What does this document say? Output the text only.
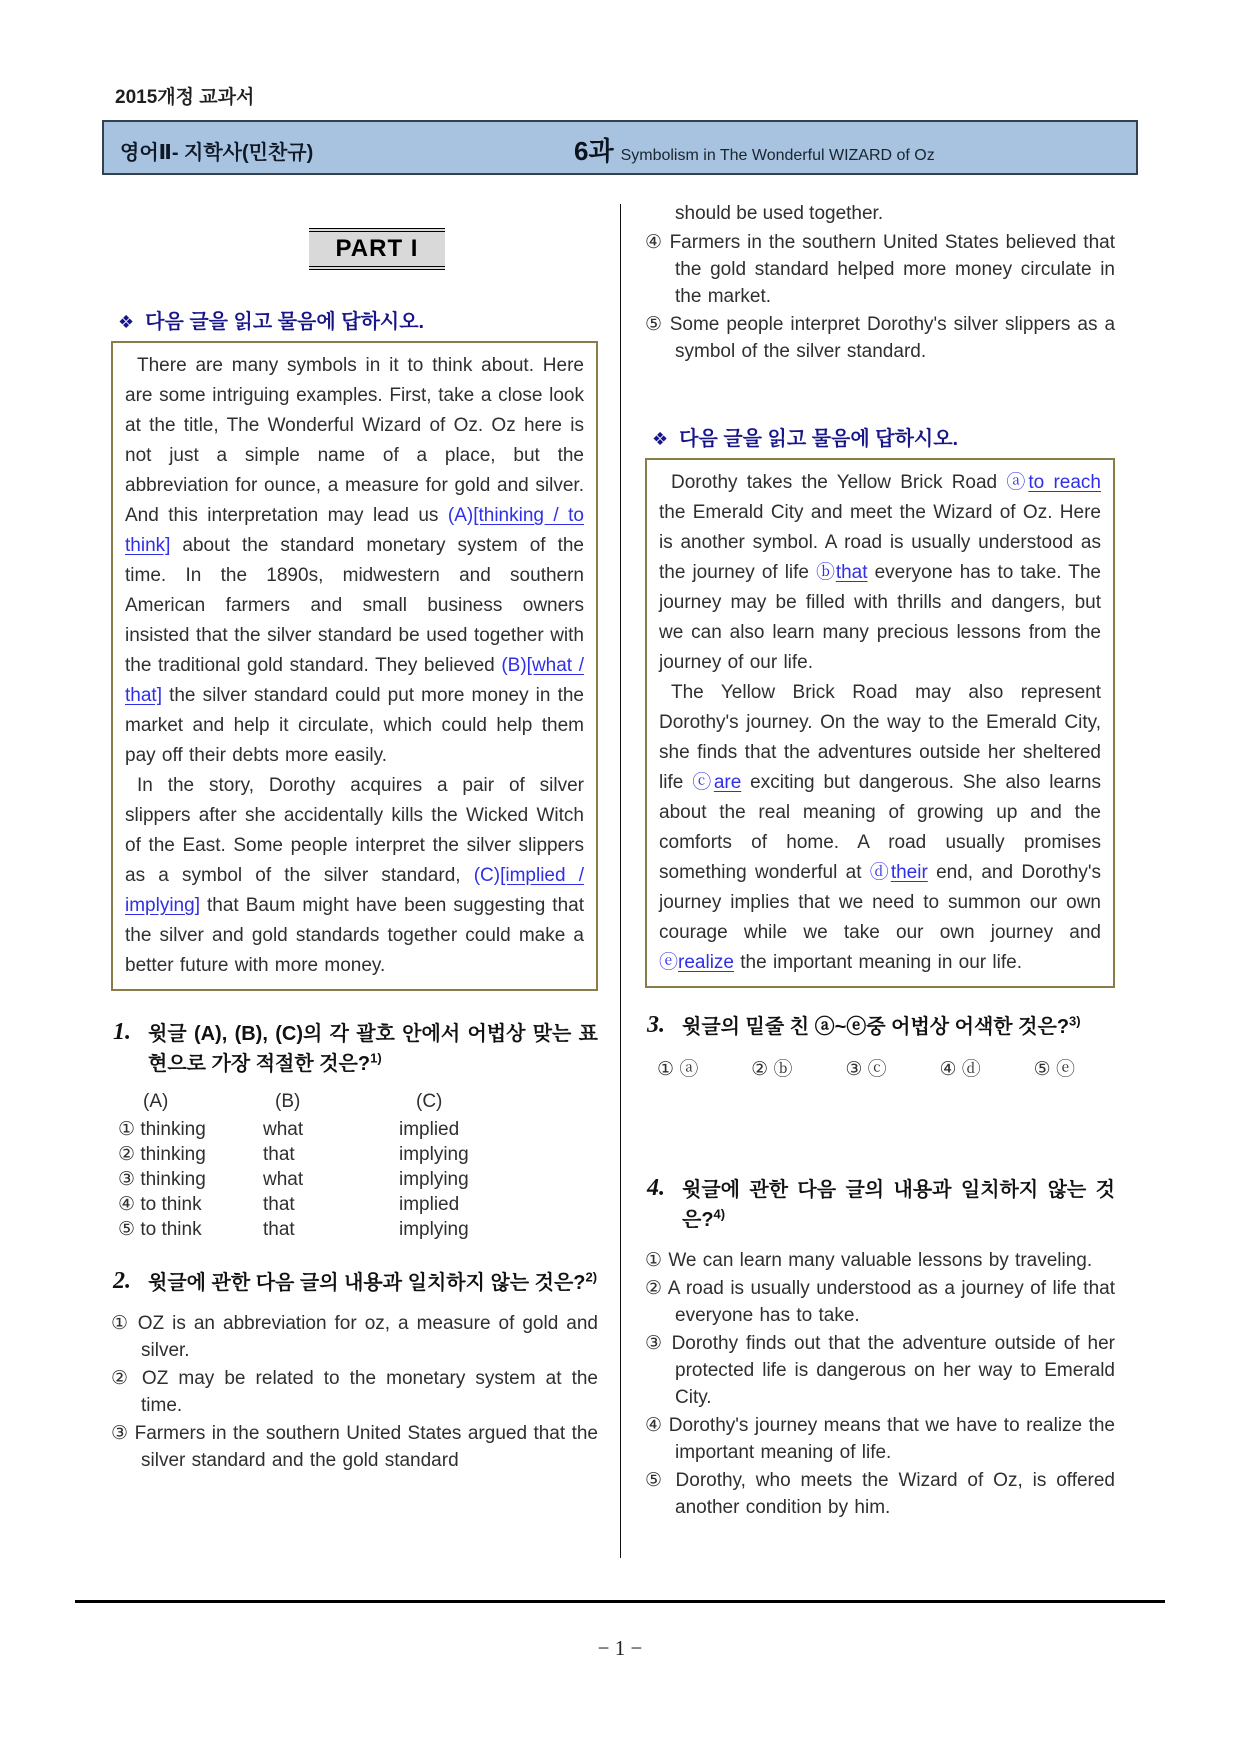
2015개정 교과서
영어Ⅱ- 지학사(민찬규)	6과 Symbolism in The Wonderful WIZARD of Oz
PART I
❖ 다음 글을 읽고 물음에 답하시오.

There are many symbols in it to think about. Here are some intriguing examples. First, take a close look at the title, The Wonderful Wizard of Oz. Oz here is not just a simple name of a place, but the abbreviation for ounce, a measure for gold and silver. And this interpretation may lead us (A)[thinking / to think] about the standard monetary system of the time. In the 1890s, midwestern and southern American farmers and small business owners insisted that the silver standard be used together with the traditional gold standard. They believed (B)[what / that] the silver standard could put more money in the market and help it circulate, which could help them pay off their debts more easily.

In the story, Dorothy acquires a pair of silver slippers after she accidentally kills the Wicked Witch of the East. Some people interpret the silver slippers as a symbol of the silver standard, (C)[implied / implying] that Baum might have been suggesting that the silver and gold standards together could make a better future with more money.

1. 윗글 (A), (B), (C)의 각 괄호 안에서 어법상 맞는 표현으로 가장 적절한 것은?$^{1)}$
(A)	(B)	(C)
① thinking	what	implied
② thinking	that	implying
③ thinking	what	implying
④ to think	that	implied
⑤ to think	that	implying
2. 윗글에 관한 다음 글의 내용과 일치하지 않는 것은?$^{2)}$
① OZ is an abbreviation for oz, a measure of gold and silver.
② OZ may be related to the monetary system at the time.
③ Farmers in the southern United States argued that the silver standard and the gold standard
should be used together.
④ Farmers in the southern United States believed that the gold standard helped more money circulate in the market.
⑤ Some people interpret Dorothy's silver slippers as a symbol of the silver standard.
❖ 다음 글을 읽고 물음에 답하시오.

Dorothy takes the Yellow Brick Road ⓐto reach the Emerald City and meet the Wizard of Oz. Here is another symbol. A road is usually understood as the journey of life ⓑthat everyone has to take. The journey may be filled with thrills and dangers, but we can also learn many precious lessons from the journey of our life.

The Yellow Brick Road may also represent Dorothy's journey. On the way to the Emerald City, she finds that the adventures outside her sheltered life ⓒare exciting but dangerous. She also learns about the real meaning of growing up and the comforts of home. A road usually promises something wonderful at ⓓtheir end, and Dorothy's journey implies that we need to summon our own courage while we take our own journey and ⓔrealize the important meaning in our life.

3. 윗글의 밑줄 친 ⓐ~ⓔ중 어법상 어색한 것은?$^{3)}$
① ⓐ	② ⓑ	③ ⓒ	④ ⓓ	⑤ ⓔ
4. 윗글에 관한 다음 글의 내용과 일치하지 않는 것은?$^{4)}$
① We can learn many valuable lessons by traveling.
② A road is usually understood as a journey of life that everyone has to take.
③ Dorothy finds out that the adventure outside of her protected life is dangerous on her way to Emerald City.
④ Dorothy's journey means that we have to realize the important meaning of life.
⑤ Dorothy, who meets the Wizard of Oz, is offered another condition by him.
− 1 −
